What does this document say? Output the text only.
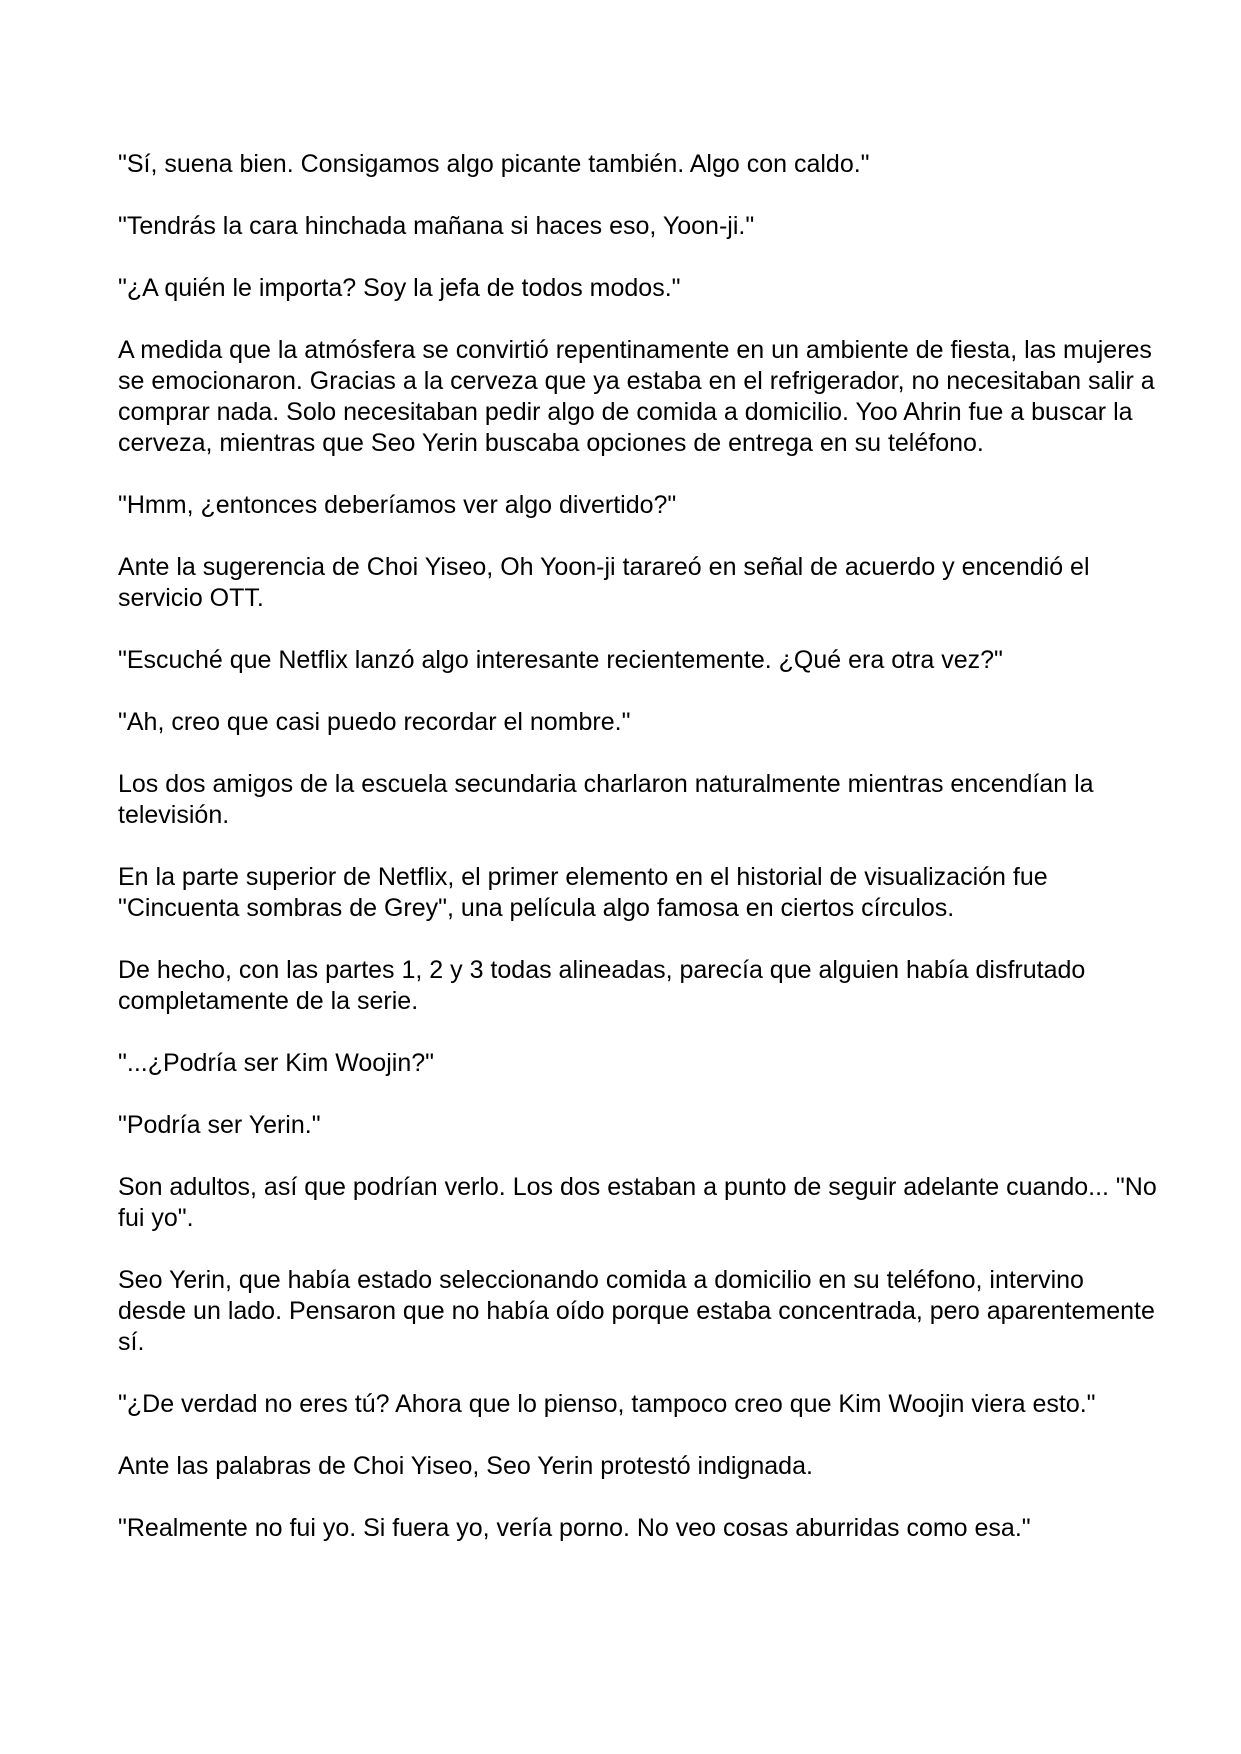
"Sí, suena bien. Consigamos algo picante también. Algo con caldo."

"Tendrás la cara hinchada mañana si haces eso, Yoon-ji."

"¿A quién le importa? Soy la jefa de todos modos."

A medida que la atmósfera se convirtió repentinamente en un ambiente de fiesta, las mujeres se emocionaron. Gracias a la cerveza que ya estaba en el refrigerador, no necesitaban salir a comprar nada. Solo necesitaban pedir algo de comida a domicilio. Yoo Ahrin fue a buscar la cerveza, mientras que Seo Yerin buscaba opciones de entrega en su teléfono.

"Hmm, ¿entonces deberíamos ver algo divertido?"

Ante la sugerencia de Choi Yiseo, Oh Yoon-ji tarareó en señal de acuerdo y encendió el servicio OTT.

"Escuché que Netflix lanzó algo interesante recientemente. ¿Qué era otra vez?"

"Ah, creo que casi puedo recordar el nombre."

Los dos amigos de la escuela secundaria charlaron naturalmente mientras encendían la televisión.

En la parte superior de Netflix, el primer elemento en el historial de visualización fue "Cincuenta sombras de Grey", una película algo famosa en ciertos círculos.

De hecho, con las partes 1, 2 y 3 todas alineadas, parecía que alguien había disfrutado completamente de la serie.

"...¿Podría ser Kim Woojin?"

"Podría ser Yerin."

Son adultos, así que podrían verlo. Los dos estaban a punto de seguir adelante cuando... "No fui yo".

Seo Yerin, que había estado seleccionando comida a domicilio en su teléfono, intervino desde un lado. Pensaron que no había oído porque estaba concentrada, pero aparentemente sí.

"¿De verdad no eres tú? Ahora que lo pienso, tampoco creo que Kim Woojin viera esto."

Ante las palabras de Choi Yiseo, Seo Yerin protestó indignada.

"Realmente no fui yo. Si fuera yo, vería porno. No veo cosas aburridas como esa."
